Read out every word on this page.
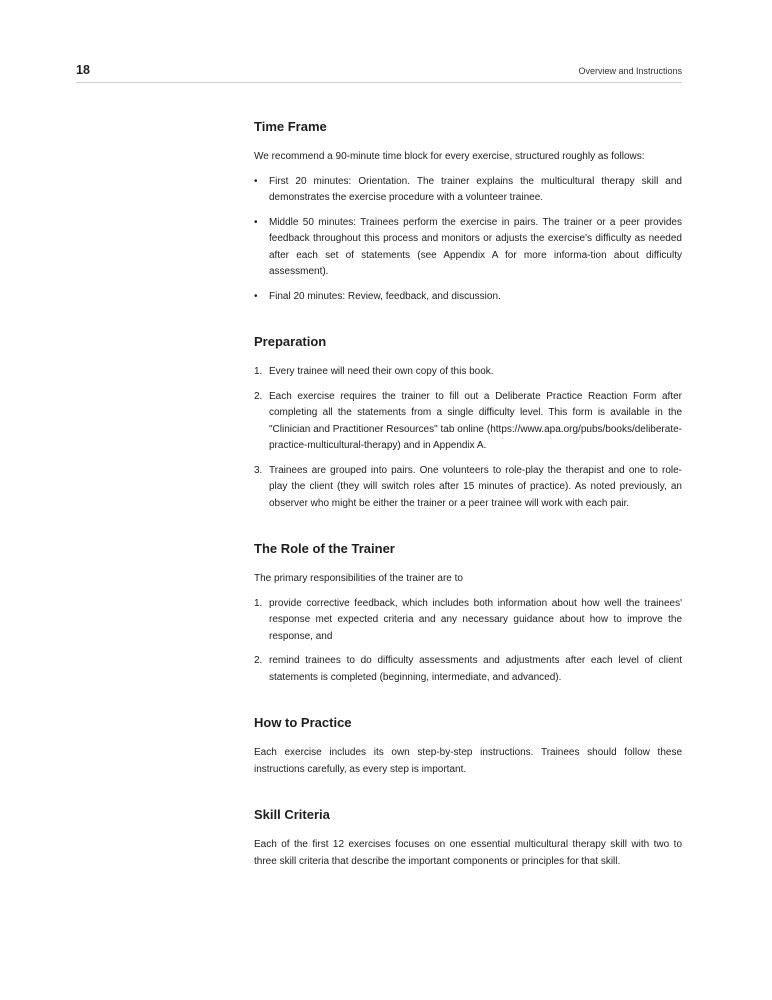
18	Overview and Instructions
Time Frame

We recommend a 90-minute time block for every exercise, structured roughly as follows:

• First 20 minutes: Orientation. The trainer explains the multicultural therapy skill and demonstrates the exercise procedure with a volunteer trainee.
• Middle 50 minutes: Trainees perform the exercise in pairs. The trainer or a peer provides feedback throughout this process and monitors or adjusts the exercise's difficulty as needed after each set of statements (see Appendix A for more informa-tion about difficulty assessment).
• Final 20 minutes: Review, feedback, and discussion.
Preparation
1. Every trainee will need their own copy of this book.
2. Each exercise requires the trainer to fill out a Deliberate Practice Reaction Form after completing all the statements from a single difficulty level. This form is available in the "Clinician and Practitioner Resources" tab online (https://www.apa.org/pubs/books/deliberate-practice-multicultural-therapy) and in Appendix A.
3. Trainees are grouped into pairs. One volunteers to role-play the therapist and one to role-play the client (they will switch roles after 15 minutes of practice). As noted previously, an observer who might be either the trainer or a peer trainee will work with each pair.
The Role of the Trainer

The primary responsibilities of the trainer are to

1. provide corrective feedback, which includes both information about how well the trainees' response met expected criteria and any necessary guidance about how to improve the response, and
2. remind trainees to do difficulty assessments and adjustments after each level of client statements is completed (beginning, intermediate, and advanced).
How to Practice

Each exercise includes its own step-by-step instructions. Trainees should follow these instructions carefully, as every step is important.

Skill Criteria

Each of the first 12 exercises focuses on one essential multicultural therapy skill with two to three skill criteria that describe the important components or principles for that skill.
